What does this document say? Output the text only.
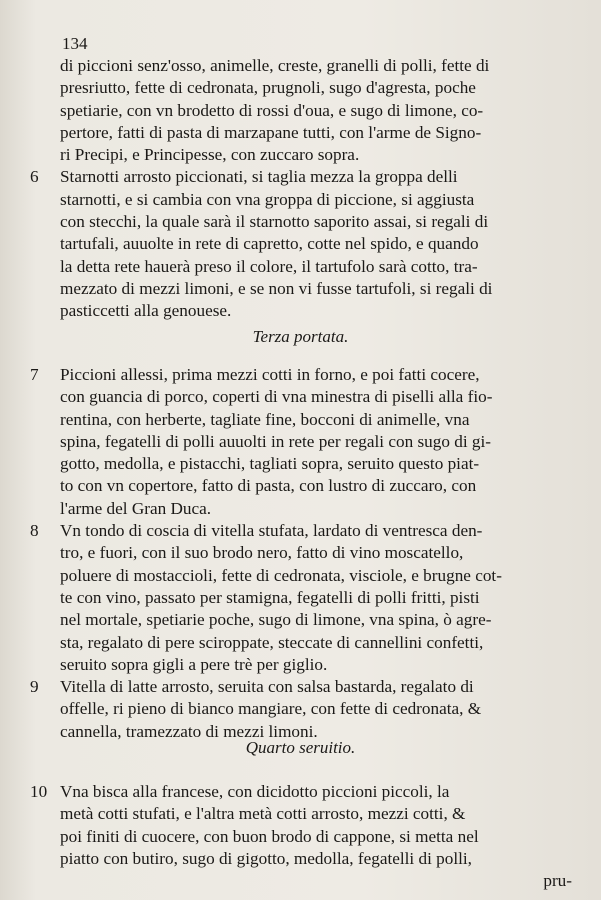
134
di piccioni senz'osso, animelle, creste, granelli di polli, fette di
presriutto, fette di cedronata, prugnoli, sugo d'agresta, poche
spetiarie, con vn brodetto di rossi d'oua, e sugo di limone, co-
pertore, fatti di pasta di marzapane tutti, con l'arme de Signo-
ri Precipi, e Principesse, con zuccaro sopra.
6 Starnotti arrosto piccionati, si taglia mezza la groppa delli
starnotti, e si cambia con vna groppa di piccione, si aggiusta
con stecchi, la quale sarà il starnotto saporito assai, si regali di
tartufali, auuolte in rete di capretto, cotte nel spido, e quando
la detta rete hauerà preso il colore, il tartufolo sarà cotto, tra-
mezzato di mezzi limoni, e se non vi fusse tartufoli, si regali di
pasticcetti alla genouese.
Terza portata.
7 Piccioni allessi, prima mezzi cotti in forno, e poi fatti cocere,
con guancia di porco, coperti di vna minestra di piselli alla fio-
rentina, con herberte, tagliate fine, bocconi di animelle, vna
spina, fegatelli di polli auuolti in rete per regali con sugo di gi-
gotto, medolla, e pistacchi, tagliati sopra, seruito questo piat-
to con vn copertore, fatto di pasta, con lustro di zuccaro, con
l'arme del Gran Duca.
8 Vn tondo di coscia di vitella stufata, lardato di ventresca den-
tro, e fuori, con il suo brodo nero, fatto di vino moscatello,
poluere di mostaccioli, fette di cedronata, visciole, e brugne cot-
te con vino, passato per stamigna, fegatelli di polli fritti, pisti
nel mortale, spetiarie poche, sugo di limone, vna spina, ò agre-
sta, regalato di pere sciroppate, steccate di cannellini confetti,
seruito sopra gigli a pere trè per giglio.
9 Vitella di latte arrosto, seruita con salsa bastarda, regalato di
offelle, ri pieno di bianco mangiare, con fette di cedronata, &
cannella, tramezzato di mezzi limoni.
Quarto seruitio.
10 Vna bisca alla francese, con dicidotto piccioni piccoli, la
metà cotti stufati, e l'altra metà cotti arrosto, mezzi cotti, &
poi finiti di cuocere, con buon brodo di cappone, si metta nel
piatto con butiro, sugo di gigotto, medolla, fegatelli di polli,
pru-
